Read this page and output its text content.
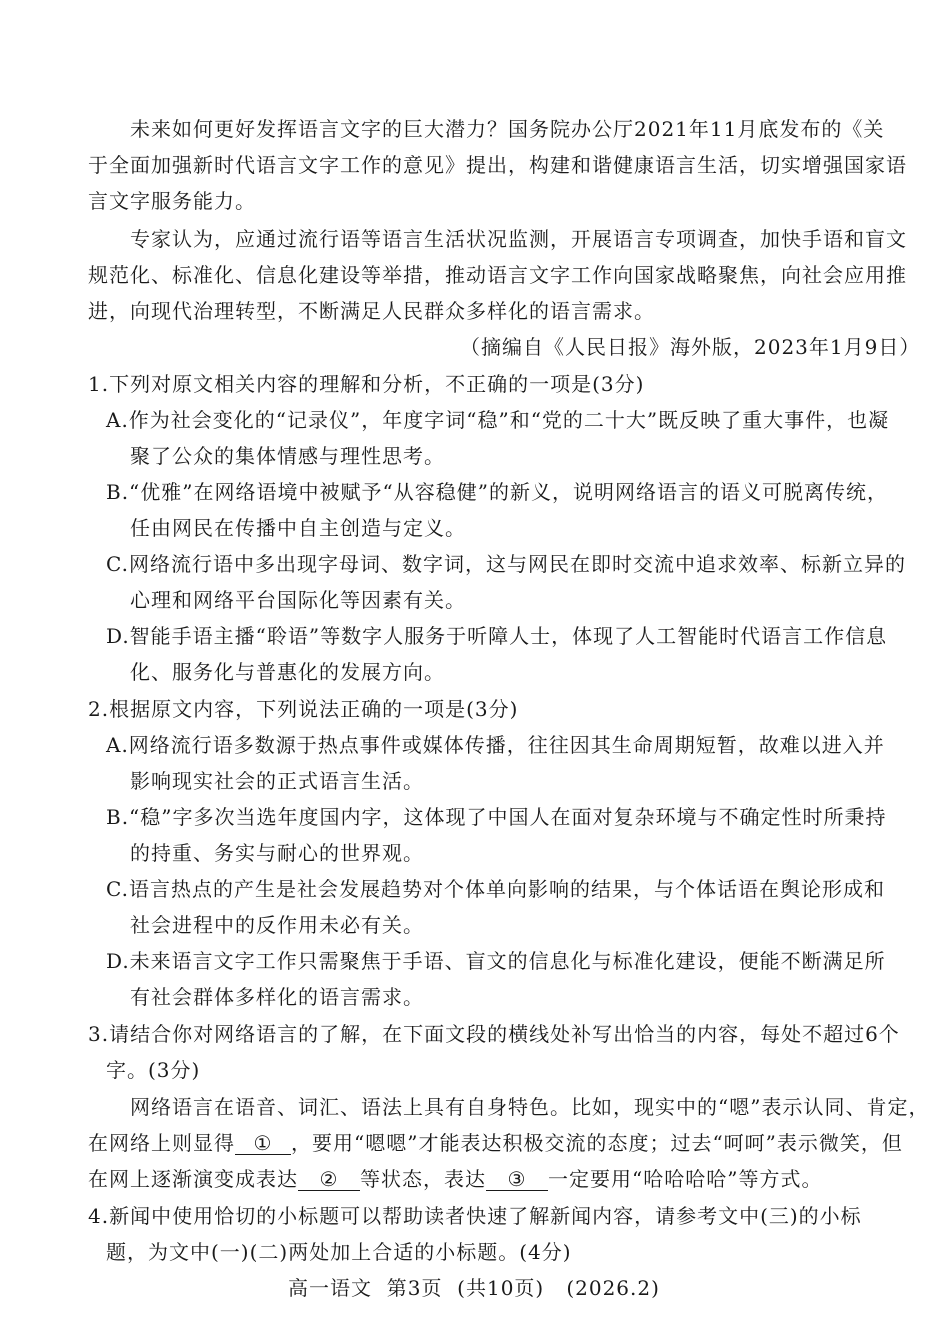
未来如何更好发挥语言文字的巨大潜力？国务院办公厅2021年11月底发布的《关
于全面加强新时代语言文字工作的意见》提出，构建和谐健康语言生活，切实增强国家语
言文字服务能力。
专家认为，应通过流行语等语言生活状况监测，开展语言专项调查，加快手语和盲文
规范化、标准化、信息化建设等举措，推动语言文字工作向国家战略聚焦，向社会应用推
进，向现代治理转型，不断满足人民群众多样化的语言需求。
（摘编自《人民日报》海外版，2023年1月9日）
1.下列对原文相关内容的理解和分析，不正确的一项是(3分)
A.作为社会变化的“记录仪”，年度字词“稳”和“党的二十大”既反映了重大事件，也凝
聚了公众的集体情感与理性思考。
B.“优雅”在网络语境中被赋予“从容稳健”的新义，说明网络语言的语义可脱离传统，
任由网民在传播中自主创造与定义。
C.网络流行语中多出现字母词、数字词，这与网民在即时交流中追求效率、标新立异的
心理和网络平台国际化等因素有关。
D.智能手语主播“聆语”等数字人服务于听障人士，体现了人工智能时代语言工作信息
化、服务化与普惠化的发展方向。
2.根据原文内容，下列说法正确的一项是(3分)
A.网络流行语多数源于热点事件或媒体传播，往往因其生命周期短暂，故难以进入并
影响现实社会的正式语言生活。
B.“稳”字多次当选年度国内字，这体现了中国人在面对复杂环境与不确定性时所秉持
的持重、务实与耐心的世界观。
C.语言热点的产生是社会发展趋势对个体单向影响的结果，与个体话语在舆论形成和
社会进程中的反作用未必有关。
D.未来语言文字工作只需聚焦于手语、盲文的信息化与标准化建设，便能不断满足所
有社会群体多样化的语言需求。
3.请结合你对网络语言的了解，在下面文段的横线处补写出恰当的内容，每处不超过6个
字。(3分)
网络语言在语音、词汇、语法上具有自身特色。比如，现实中的“嗯”表示认同、肯定，
在网络上则显得 ① ，要用“嗯嗯”才能表达积极交流的态度；过去“呵呵”表示微笑，但
在网上逐渐演变成表达 ② 等状态，表达 ③ 一定要用“哈哈哈哈”等方式。
4.新闻中使用恰切的小标题可以帮助读者快速了解新闻内容，请参考文中(三)的小标
题，为文中(一)(二)两处加上合适的小标题。(4分)
高一语文 第3页 (共10页) (2026.2)
